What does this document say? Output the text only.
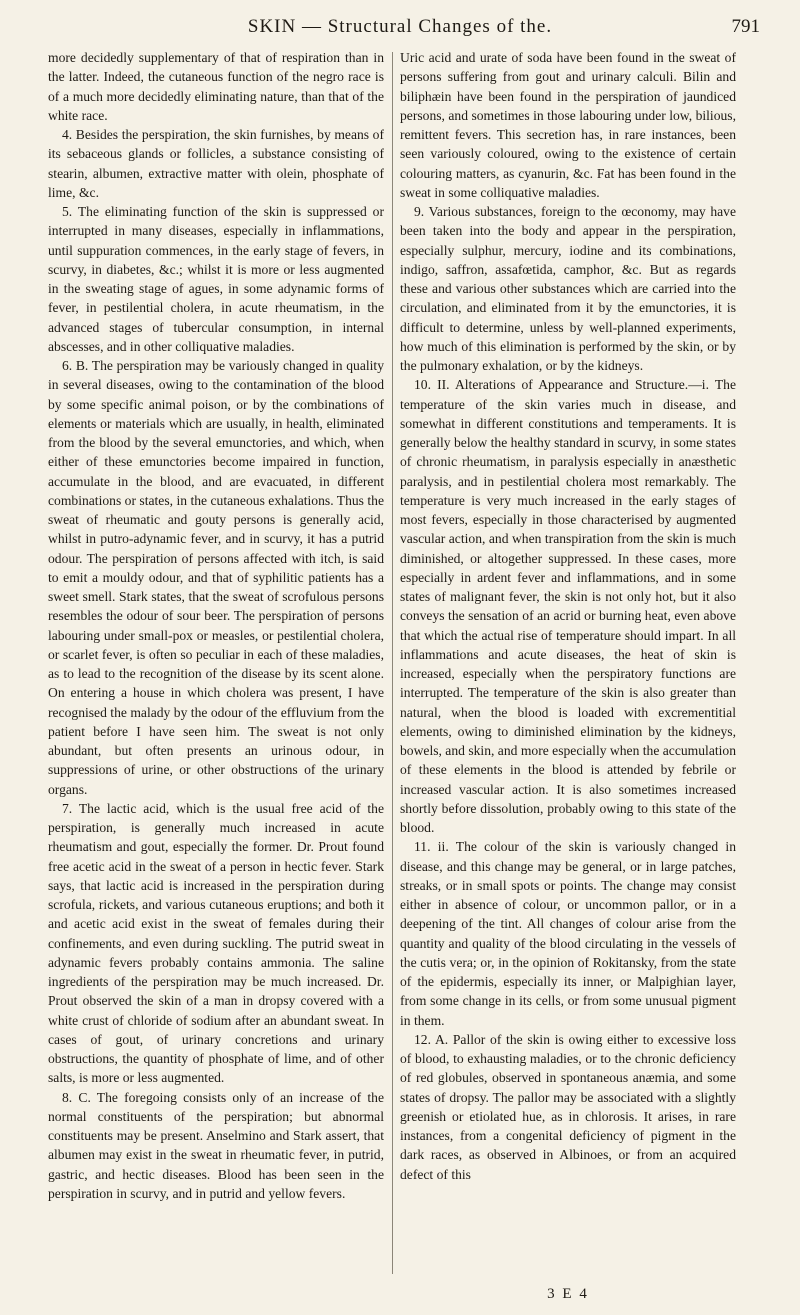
SKIN — Structural Changes of the.	791

more decidedly supplementary of that of respiration than in the latter. Indeed, the cutaneous function of the negro race is of a much more decidedly eliminating nature, than that of the white race.

4. Besides the perspiration, the skin furnishes, by means of its sebaceous glands or follicles, a substance consisting of stearin, albumen, extractive matter with olein, phosphate of lime, &c.

5. The eliminating function of the skin is suppressed or interrupted in many diseases, especially in inflammations, until suppuration commences, in the early stage of fevers, in scurvy, in diabetes, &c.; whilst it is more or less augmented in the sweating stage of agues, in some adynamic forms of fever, in pestilential cholera, in acute rheumatism, in the advanced stages of tubercular consumption, in internal abscesses, and in other colliquative maladies.

6. B. The perspiration may be variously changed in quality in several diseases, owing to the contamination of the blood by some specific animal poison, or by the combinations of elements or materials which are usually, in health, eliminated from the blood by the several emunctories, and which, when either of these emunctories become impaired in function, accumulate in the blood, and are evacuated, in different combinations or states, in the cutaneous exhalations. Thus the sweat of rheumatic and gouty persons is generally acid, whilst in putro-adynamic fever, and in scurvy, it has a putrid odour. The perspiration of persons affected with itch, is said to emit a mouldy odour, and that of syphilitic patients has a sweet smell. Stark states, that the sweat of scrofulous persons resembles the odour of sour beer. The perspiration of persons labouring under small-pox or measles, or pestilential cholera, or scarlet fever, is often so peculiar in each of these maladies, as to lead to the recognition of the disease by its scent alone. On entering a house in which cholera was present, I have recognised the malady by the odour of the effluvium from the patient before I have seen him. The sweat is not only abundant, but often presents an urinous odour, in suppressions of urine, or other obstructions of the urinary organs.

7. The lactic acid, which is the usual free acid of the perspiration, is generally much increased in acute rheumatism and gout, especially the former. Dr. Prout found free acetic acid in the sweat of a person in hectic fever. Stark says, that lactic acid is increased in the perspiration during scrofula, rickets, and various cutaneous eruptions; and both it and acetic acid exist in the sweat of females during their confinements, and even during suckling. The putrid sweat in adynamic fevers probably contains ammonia. The saline ingredients of the perspiration may be much increased. Dr. Prout observed the skin of a man in dropsy covered with a white crust of chloride of sodium after an abundant sweat. In cases of gout, of urinary concretions and urinary obstructions, the quantity of phosphate of lime, and of other salts, is more or less augmented.

8. C. The foregoing consists only of an increase of the normal constituents of the perspiration; but abnormal constituents may be present. Anselmino and Stark assert, that albumen may exist in the sweat in rheumatic fever, in putrid, gastric, and hectic diseases. Blood has been seen in the perspiration in scurvy, and in putrid and yellow fevers.

Uric acid and urate of soda have been found in the sweat of persons suffering from gout and urinary calculi. Bilin and biliphæin have been found in the perspiration of jaundiced persons, and sometimes in those labouring under low, bilious, remittent fevers. This secretion has, in rare instances, been seen variously coloured, owing to the existence of certain colouring matters, as cyanurin, &c. Fat has been found in the sweat in some colliquative maladies.

9. Various substances, foreign to the œconomy, may have been taken into the body and appear in the perspiration, especially sulphur, mercury, iodine and its combinations, indigo, saffron, assafœtida, camphor, &c. But as regards these and various other substances which are carried into the circulation, and eliminated from it by the emunctories, it is difficult to determine, unless by well-planned experiments, how much of this elimination is performed by the skin, or by the pulmonary exhalation, or by the kidneys.

10. II. Alterations of Appearance and Structure.—i. The temperature of the skin varies much in disease, and somewhat in different constitutions and temperaments. It is generally below the healthy standard in scurvy, in some states of chronic rheumatism, in paralysis especially in anæsthetic paralysis, and in pestilential cholera most remarkably. The temperature is very much increased in the early stages of most fevers, especially in those characterised by augmented vascular action, and when transpiration from the skin is much diminished, or altogether suppressed. In these cases, more especially in ardent fever and inflammations, and in some states of malignant fever, the skin is not only hot, but it also conveys the sensation of an acrid or burning heat, even above that which the actual rise of temperature should impart. In all inflammations and acute diseases, the heat of skin is increased, especially when the perspiratory functions are interrupted. The temperature of the skin is also greater than natural, when the blood is loaded with excrementitial elements, owing to diminished elimination by the kidneys, bowels, and skin, and more especially when the accumulation of these elements in the blood is attended by febrile or increased vascular action. It is also sometimes increased shortly before dissolution, probably owing to this state of the blood.

11. ii. The colour of the skin is variously changed in disease, and this change may be general, or in large patches, streaks, or in small spots or points. The change may consist either in absence of colour, or uncommon pallor, or in a deepening of the tint. All changes of colour arise from the quantity and quality of the blood circulating in the vessels of the cutis vera; or, in the opinion of Rokitansky, from the state of the epidermis, especially its inner, or Malpighian layer, from some change in its cells, or from some unusual pigment in them.

12. A. Pallor of the skin is owing either to excessive loss of blood, to exhausting maladies, or to the chronic deficiency of red globules, observed in spontaneous anæmia, and some states of dropsy. The pallor may be associated with a slightly greenish or etiolated hue, as in chlorosis. It arises, in rare instances, from a congenital deficiency of pigment in the dark races, as observed in Albinoes, or from an acquired defect of this

3 E 4
